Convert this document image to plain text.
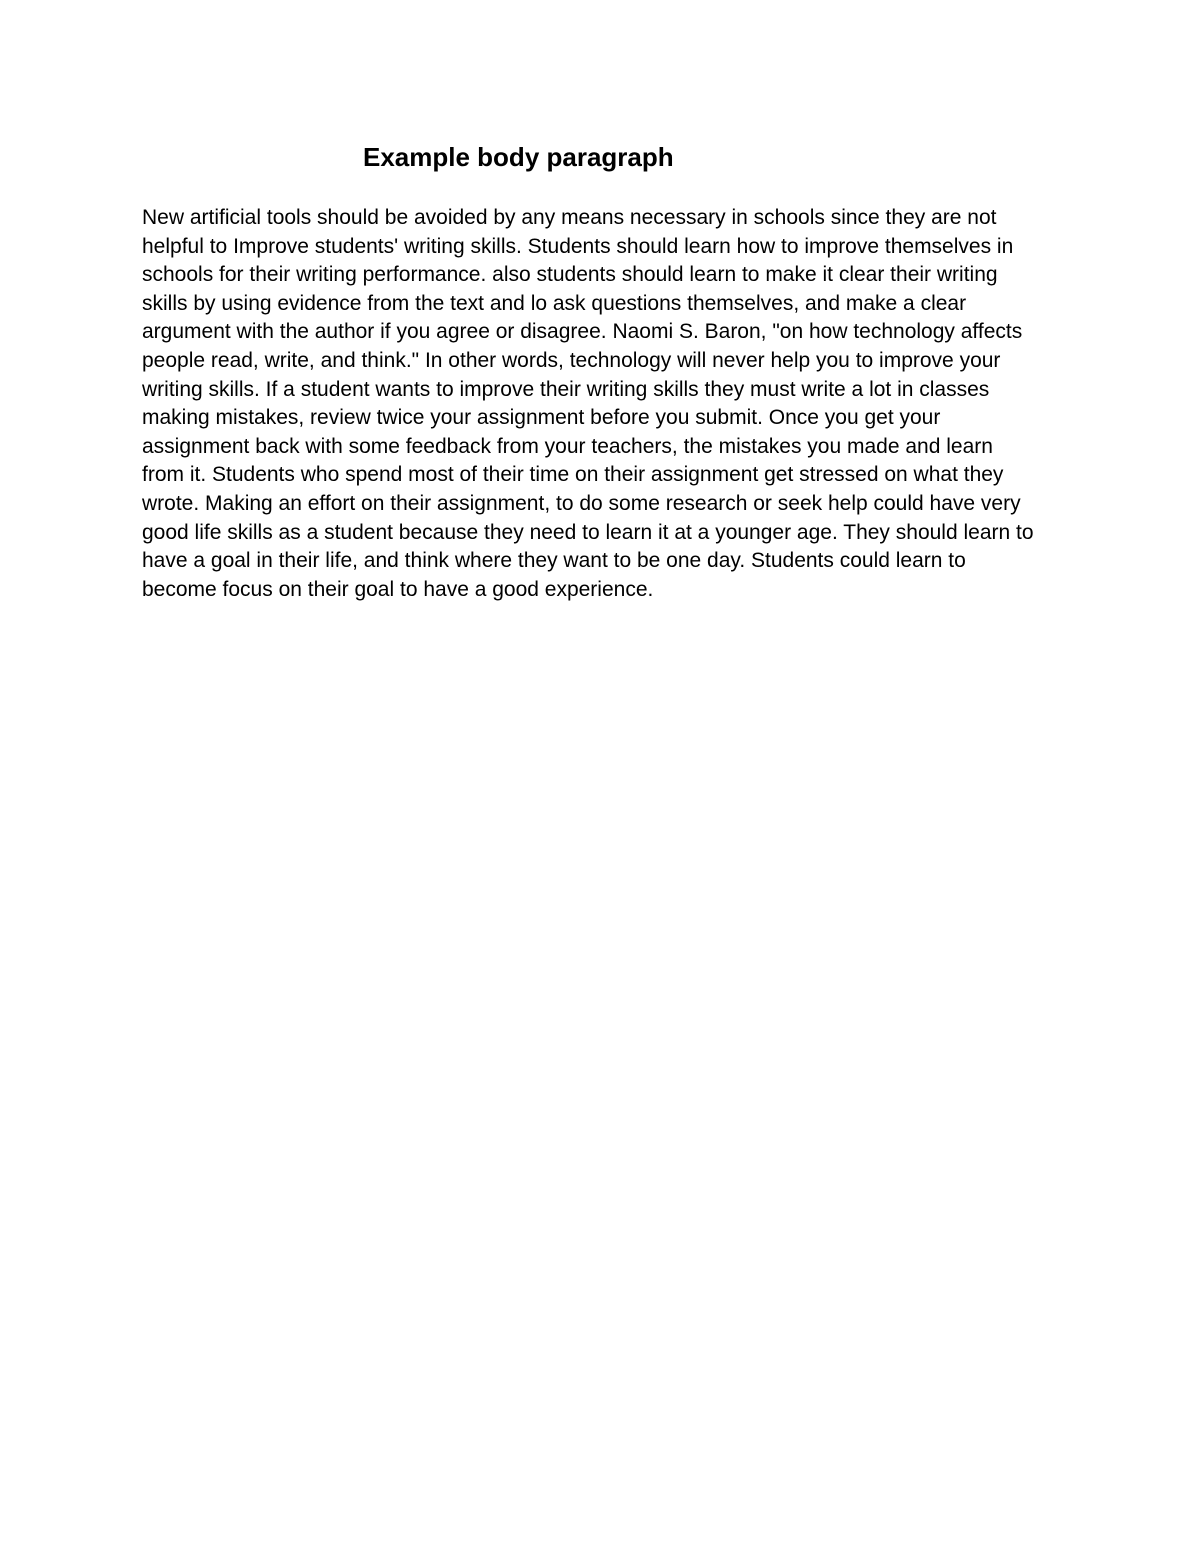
Example body paragraph

New artificial tools should be avoided by any means necessary in schools since they are not
helpful to Improve students' writing skills. Students should learn how to improve themselves in
schools for their writing performance. also students should learn to make it clear their writing
skills by using evidence from the text and lo ask questions themselves, and make a clear
argument with the author if you agree or disagree. Naomi S. Baron, "on how technology affects
people read, write, and think." In other words, technology will never help you to improve your
writing skills. If a student wants to improve their writing skills they must write a lot in classes
making mistakes, review twice your assignment before you submit. Once you get your
assignment back with some feedback from your teachers, the mistakes you made and learn
from it. Students who spend most of their time on their assignment get stressed on what they
wrote. Making an effort on their assignment, to do some research or seek help could have very
good life skills as a student because they need to learn it at a younger age. They should learn to
have a goal in their life, and think where they want to be one day. Students could learn to
become focus on their goal to have a good experience.
